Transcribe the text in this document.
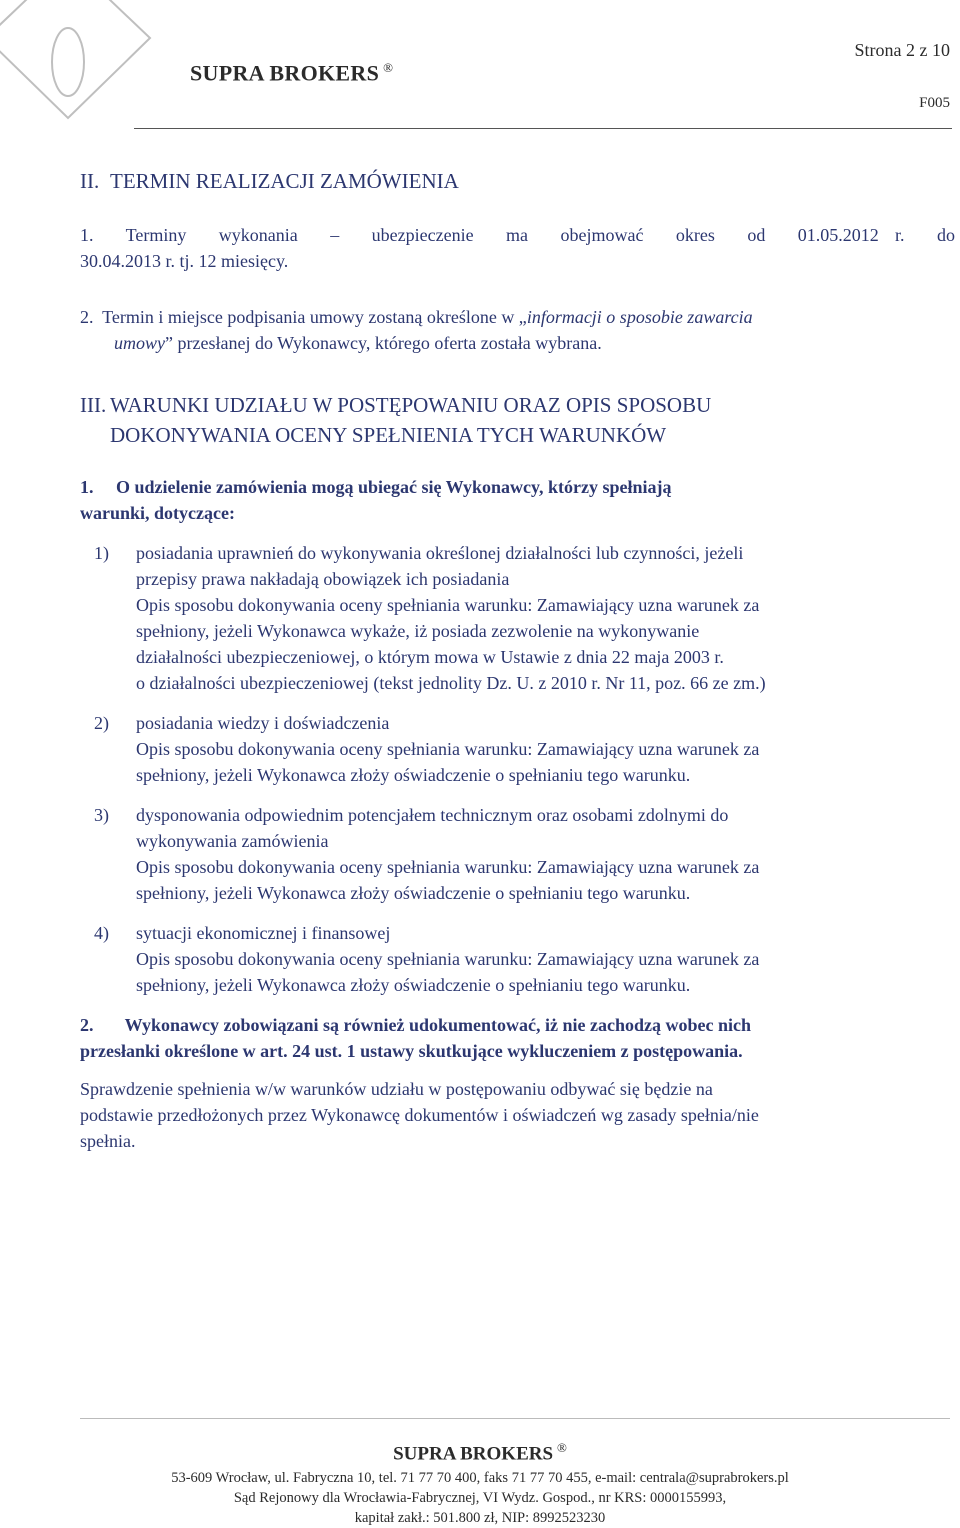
SUPRA BROKERS ®
Strona 2 z 10
F005
II. TERMIN REALIZACJI ZAMÓWIENIA
1.  Terminy  wykonania  –  ubezpieczenie  ma  obejmować  okres  od  01.05.2012 r.  do
30.04.2013 r. tj. 12 miesięcy.
2.  Termin i miejsce podpisania umowy zostaną określone w „informacji o sposobie zawarcia
umowy” przesłanej do Wykonawcy, którego oferta została wybrana.
III. WARUNKI UDZIAŁU W POSTĘPOWANIU ORAZ OPIS SPOSOBU
DOKONYWANIA OCENY SPEŁNIENIA TYCH WARUNKÓW
1.     O udzielenie zamówienia mogą ubiegać się Wykonawcy, którzy spełniają
warunki, dotyczące:
1) posiadania uprawnień do wykonywania określonej działalności lub czynności, jeżeli
przepisy prawa nakładają obowiązek ich posiadania
Opis sposobu dokonywania oceny spełniania warunku: Zamawiający uzna warunek za
spełniony, jeżeli Wykonawca wykaże, iż posiada zezwolenie na wykonywanie
działalności ubezpieczeniowej, o którym mowa w Ustawie z dnia 22 maja 2003 r.
o działalności ubezpieczeniowej (tekst jednolity Dz. U. z 2010 r. Nr 11, poz. 66 ze zm.)
2) posiadania wiedzy i doświadczenia
Opis sposobu dokonywania oceny spełniania warunku: Zamawiający uzna warunek za
spełniony, jeżeli Wykonawca złoży oświadczenie o spełnianiu tego warunku.
3) dysponowania odpowiednim potencjałem technicznym oraz osobami zdolnymi do
wykonywania zamówienia
Opis sposobu dokonywania oceny spełniania warunku: Zamawiający uzna warunek za
spełniony, jeżeli Wykonawca złoży oświadczenie o spełnianiu tego warunku.
4) sytuacji ekonomicznej i finansowej
Opis sposobu dokonywania oceny spełniania warunku: Zamawiający uzna warunek za
spełniony, jeżeli Wykonawca złoży oświadczenie o spełnianiu tego warunku.
2.       Wykonawcy zobowiązani są również udokumentować, iż nie zachodzą wobec nich
przesłanki określone w art. 24 ust. 1 ustawy skutkujące wykluczeniem z postępowania.
Sprawdzenie spełnienia w/w warunków udziału w postępowaniu odbywać się będzie na
podstawie przedłożonych przez Wykonawcę dokumentów i oświadczeń wg zasady spełnia/nie
spełnia.
SUPRA BROKERS ®
53-609 Wrocław, ul. Fabryczna 10, tel. 71 77 70 400, faks 71 77 70 455, e-mail: centrala@suprabrokers.pl
Sąd Rejonowy dla Wrocławia-Fabrycznej, VI Wydz. Gospod., nr KRS: 0000155993,
kapitał zakł.: 501.800 zł, NIP: 8992523230
